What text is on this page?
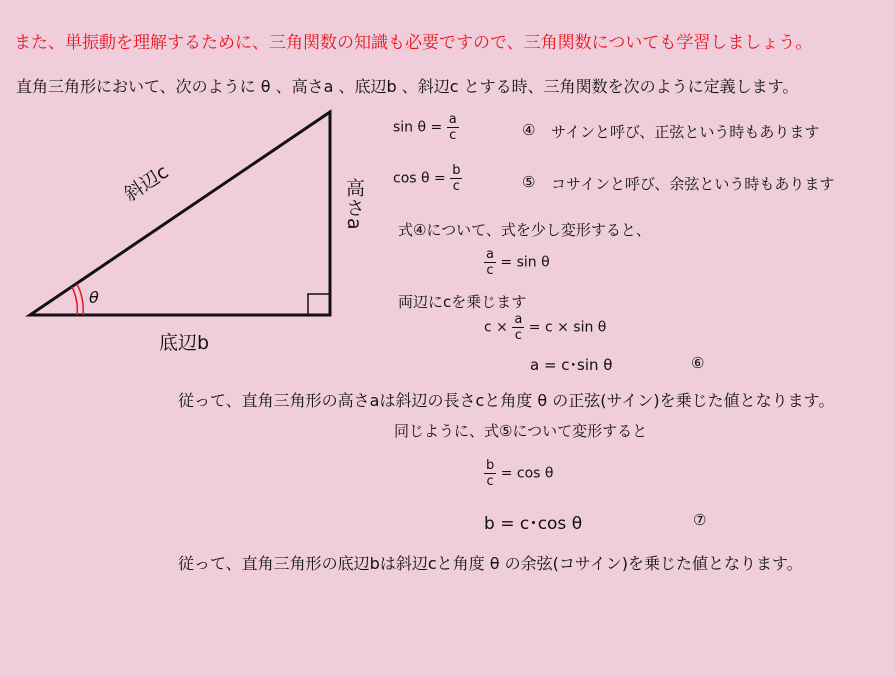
また、単振動を理解するために、三角関数の知識も必要ですので、三角関数についても学習しましょう。
直角三角形において、次のように θ 、高さa 、底辺b 、斜辺c とする時、三角関数を次のように定義します。
斜辺c	高さa
底辺b
θ
$\sin \theta = \frac{a}{c}$	④ サインと呼び、正弦という時もあります
$\cos \theta = \frac{b}{c}$	⑤ コサインと呼び、余弦という時もあります
式④について、式を少し変形すると、
$\frac{a}{c} = \sin \theta$
両辺にcを乗じます
$c \times \frac{a}{c} = c \times \sin \theta$
a = c･sin θ	⑥
従って、直角三角形の高さaは斜辺の長さcと角度 θ の正弦(サイン)を乗じた値となります。
同じように、式⑤について変形すると
$\frac{b}{c} = \cos \theta$
b = c･cos θ	⑦
従って、直角三角形の底辺bは斜辺cと角度 θ の余弦(コサイン)を乗じた値となります。
